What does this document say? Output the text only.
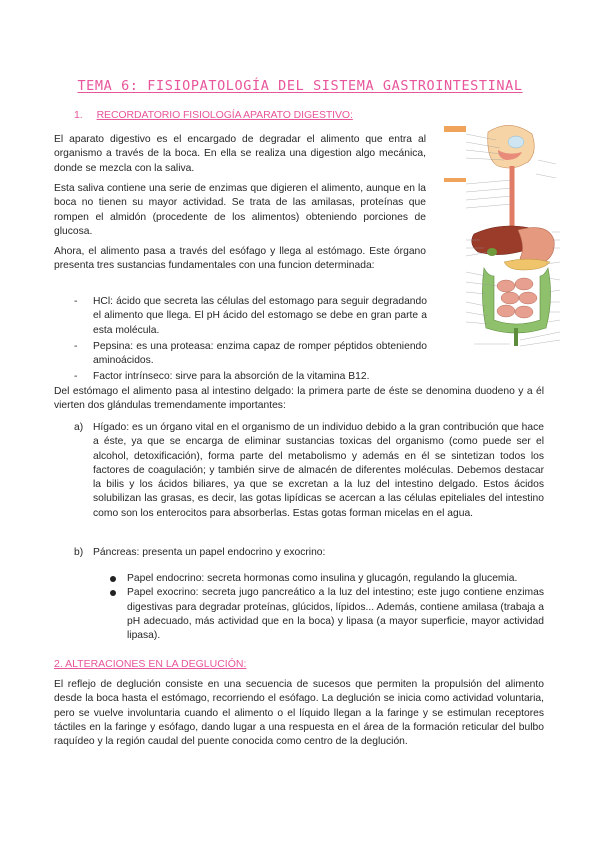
TEMA 6: FISIOPATOLOGÍA DEL SISTEMA GASTROINTESTINAL
1. RECORDATORIO FISIOLOGÍA APARATO DIGESTIVO:

El aparato digestivo es el encargado de degradar el alimento que entra al organismo a través de la boca. En ella se realiza una digestion algo mecánica, donde se mezcla con la saliva.

Esta saliva contiene una serie de enzimas que digieren el alimento, aunque en la boca no tienen su mayor actividad. Se trata de las amilasas, proteínas que rompen el almidón (procedente de los alimentos) obteniendo porciones de glucosa.

Ahora, el alimento pasa a través del esófago y llega al estómago. Este órgano presenta tres sustancias fundamentales con una funcion determinada:

- HCl: ácido que secreta las células del estomago para seguir degradando el alimento que llega. El pH ácido del estomago se debe en gran parte a esta molécula.
- Pepsina: es una proteasa: enzima capaz de romper péptidos obteniendo aminoácidos.
- Factor intrínseco: sirve para la absorción de la vitamina B12.

Del estómago el alimento pasa al intestino delgado: la primera parte de éste se denomina duodeno y a él vierten dos glándulas tremendamente importantes:

a) Hígado: es un órgano vital en el organismo de un individuo debido a la gran contribución que hace a éste, ya que se encarga de eliminar sustancias toxicas del organismo (como puede ser el alcohol, detoxificación), forma parte del metabolismo y además en él se sintetizan todos los factores de coagulación; y también sirve de almacén de diferentes moléculas. Debemos destacar la bilis y los ácidos biliares, ya que se excretan a la luz del intestino delgado. Estos ácidos solubilizan las grasas, es decir, las gotas lipídicas se acercan a las células epiteliales del intestino como son los enterocitos para absorberlas. Estas gotas forman micelas en el agua.
b) Páncreas: presenta un papel endocrino y exocrino:
Papel endocrino: secreta hormonas como insulina y glucagón, regulando la glucemia.
Papel exocrino: secreta jugo pancreático a la luz del intestino; este jugo contiene enzimas digestivas para degradar proteínas, glúcidos, lípidos... Además, contiene amilasa (trabaja a pH adecuado, más actividad que en la boca) y lipasa (a mayor superficie, mayor actividad lipasa).
2. ALTERACIONES EN LA DEGLUCIÓN:

El reflejo de deglución consiste en una secuencia de sucesos que permiten la propulsión del alimento desde la boca hasta el estómago, recorriendo el esófago. La deglución se inicia como actividad voluntaria, pero se vuelve involuntaria cuando el alimento o el líquido llegan a la faringe y se estimulan receptores táctiles en la faringe y esófago, dando lugar a una respuesta en el área de la formación reticular del bulbo raquídeo y la región caudal del puente conocida como centro de la deglución.
